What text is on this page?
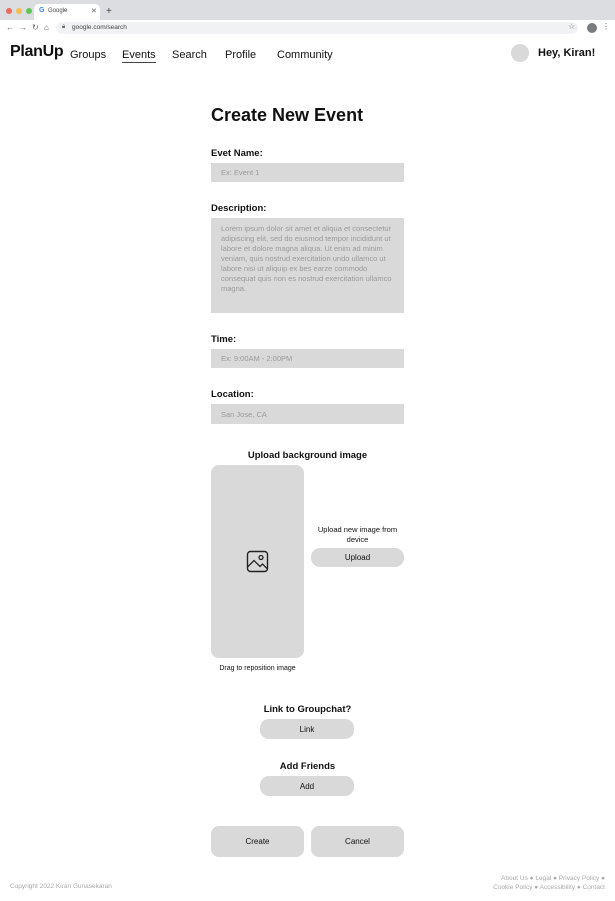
G Google	✕ +
← → ↻ ⌂ 🔒︎ google.com/search	☆	⋮
PlanUp Groups Events Search Profile Community	Hey, Kiran!
Create New Event
Evet Name:
Ex: Event 1
Description:
Lorem ipsum dolor sit amet et aliqua et consectetur adipiscing elit, sed do eiusmod tempor incididunt ut labore et dolore magna aliqua. Ut enim ad minim veniam, quis nostrud exercitation undo ullamco ut labore nisi ut aliquip ex bes earze commodo consequat quis non es nostrud exercitation ullamco magna.
Time:
Ex: 9:00AM - 2:00PM
Location:
San Jose, CA
Upload background image
Drag to reposition image
Upload new image from device
Upload
Link to Groupchat?
Link
Add Friends
Add
Create	Cancel
Copyright 2022 Kiran Gunasekaran
About Us ● Legal ● Privacy Policy ●
Cookie Policy ● Accessibility ● Contact
